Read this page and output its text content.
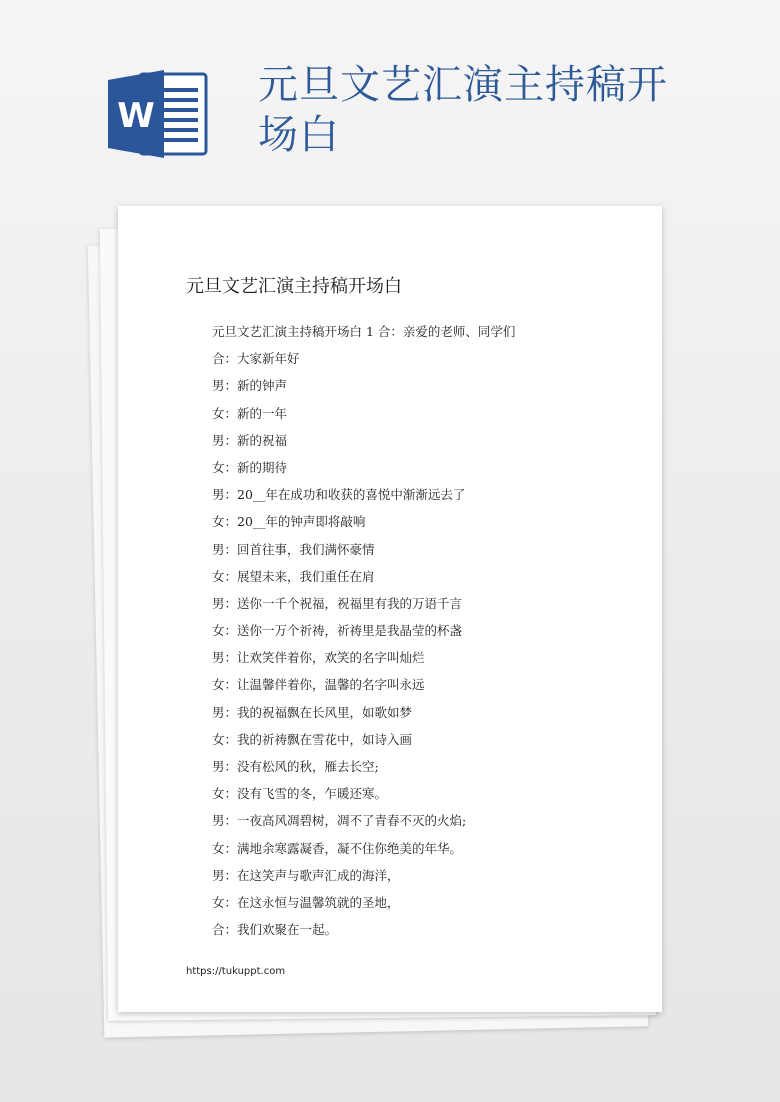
W
元旦文艺汇演主持稿开场白
元旦文艺汇演主持稿开场白
元旦文艺汇演主持稿开场白 1 合：亲爱的老师、同学们
合：大家新年好
男：新的钟声
女：新的一年
男：新的祝福
女：新的期待
男：20__年在成功和收获的喜悦中渐渐远去了
女：20__年的钟声即将敲响
男：回首往事，我们满怀豪情
女：展望未来，我们重任在肩
男：送你一千个祝福，祝福里有我的万语千言
女：送你一万个祈祷，祈祷里是我晶莹的杯盏
男：让欢笑伴着你，欢笑的名字叫灿烂
女：让温馨伴着你，温馨的名字叫永远
男：我的祝福飘在长风里，如歌如梦
女：我的祈祷飘在雪花中，如诗入画
男：没有松风的秋，雁去长空;
女：没有飞雪的冬，乍暖还寒。
男：一夜高风凋碧树，凋不了青春不灭的火焰;
女：满地余寒露凝香，凝不住你绝美的年华。
男：在这笑声与歌声汇成的海洋，
女：在这永恒与温馨筑就的圣地，
合：我们欢聚在一起。
https://tukuppt.com
